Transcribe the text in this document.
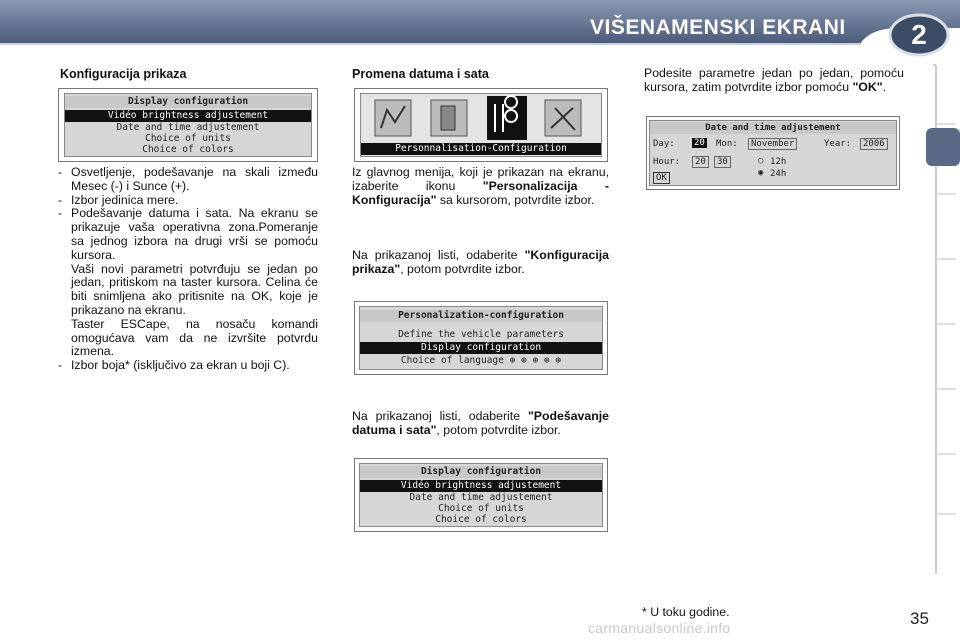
VIŠENAMENSKI EKRANI	2
Konfiguracija prikaza
Display configuration
Vidéo brightness adjustement
Date and time adjustement
Choice of units
Choice of colors
- Osvetljenje, podešavanje na skali između Mesec (-) i Sunce (+).
- Izbor jedinica mere.
- Podešavanje datuma i sata. Na ekranu se prikazuje vaša operativna zona.Pomeranje sa jednog izbora na drugi vrši se pomoću kursora.
Vaši novi parametri potvrđuju se jedan po jedan, pritiskom na taster kursora. Celina će biti snimljena ako pritisnite na OK, koje je prikazano na ekranu.
Taster ESCape, na nosaču komandi omogućava vam da ne izvršite potvrdu izmena.
- Izbor boja* (isključivo za ekran u boji C).
Promena datuma i sata
Personnalisation-Configuration
Iz glavnog menija, koji je prikazan na ekranu, izaberite ikonu "Personalizacija - Konfiguracija" sa kursorom, potvrdite izbor.
Na prikazanoj listi, odaberite "Konfiguracija prikaza", potom potvrdite izbor.
Personalization-configuration
Define the vehicle parameters
Display configuration
Choice of language ⊕ ⊕ ⊕ ⊕ ⊕
Na prikazanoj listi, odaberite "Podešavanje datuma i sata", potom potvrdite izbor.
Display configuration
Vidéo brightness adjustement
Date and time adjustement
Choice of units
Choice of colors
Podesite parametre jedan po jedan, pomoću kursora, zatim potvrdite izbor pomoću "OK".
Date and time adjustement
Day: 20 Mon:	November	Year:	2006
Hour:	20	30	○ 12h
◉ 24h
OK
* U toku godine.	35
carmanualsonline.info
